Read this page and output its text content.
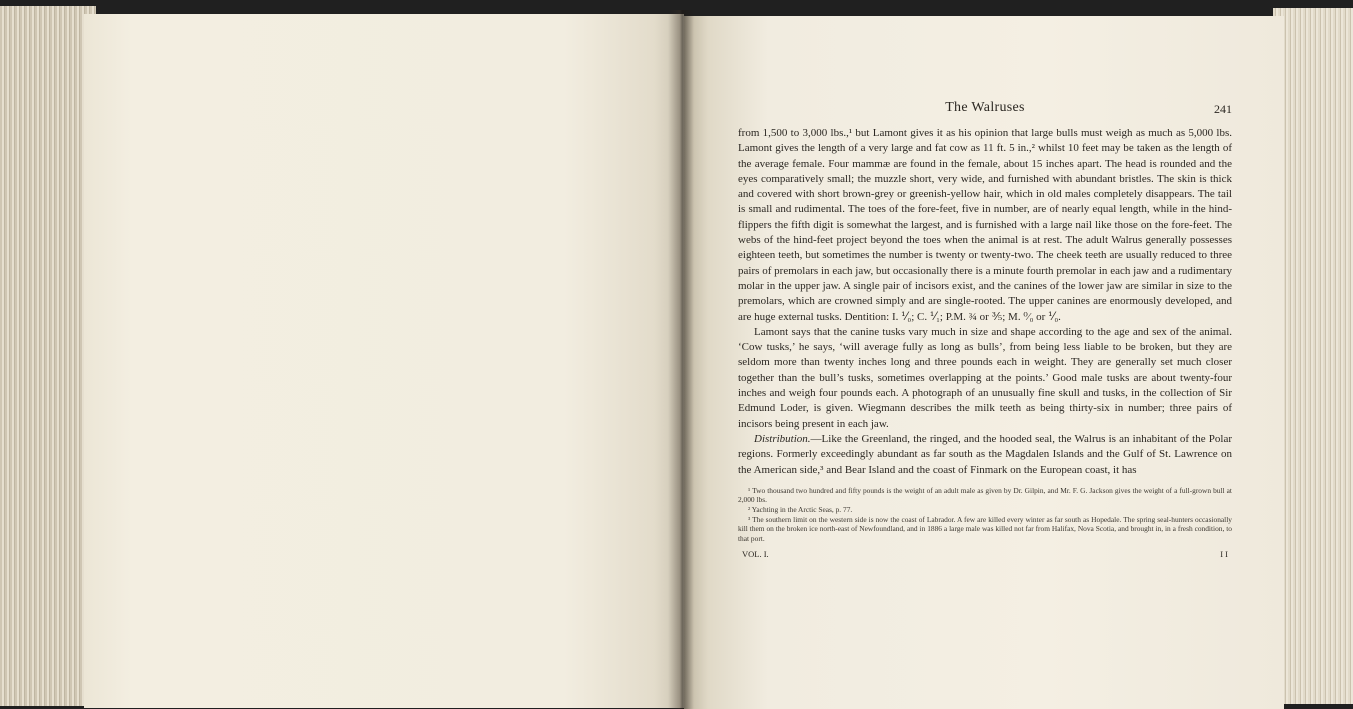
The Walruses	241

from 1,500 to 3,000 lbs.,¹ but Lamont gives it as his opinion that large bulls must weigh as much as 5,000 lbs. Lamont gives the length of a very large and fat cow as 11 ft. 5 in.,² whilst 10 feet may be taken as the length of the average female. Four mammæ are found in the female, about 15 inches apart. The head is rounded and the eyes comparatively small; the muzzle short, very wide, and furnished with abundant bristles. The skin is thick and covered with short brown-grey or greenish-yellow hair, which in old males completely disappears. The tail is small and rudimental. The toes of the fore-feet, five in number, are of nearly equal length, while in the hind-flippers the fifth digit is somewhat the largest, and is furnished with a large nail like those on the fore-feet. The webs of the hind-feet project beyond the toes when the animal is at rest. The adult Walrus generally possesses eighteen teeth, but sometimes the number is twenty or twenty-two. The cheek teeth are usually reduced to three pairs of premolars in each jaw, but occasionally there is a minute fourth premolar in each jaw and a rudimentary molar in the upper jaw. A single pair of incisors exist, and the canines of the lower jaw are similar in size to the premolars, which are crowned simply and are single-rooted. The upper canines are enormously developed, and are huge external tusks. Dentition: I. ⅟₀; C. ⅟₁; P.M. ¾ or ⅗; M. ⁰⁄₀ or ⅟₀.

Lamont says that the canine tusks vary much in size and shape according to the age and sex of the animal. ‘Cow tusks,’ he says, ‘will average fully as long as bulls’, from being less liable to be broken, but they are seldom more than twenty inches long and three pounds each in weight. They are generally set much closer together than the bull’s tusks, sometimes overlapping at the points.’ Good male tusks are about twenty-four inches and weigh four pounds each. A photograph of an unusually fine skull and tusks, in the collection of Sir Edmund Loder, is given. Wiegmann describes the milk teeth as being thirty-six in number; three pairs of incisors being present in each jaw.

Distribution.—Like the Greenland, the ringed, and the hooded seal, the Walrus is an inhabitant of the Polar regions. Formerly exceedingly abundant as far south as the Magdalen Islands and the Gulf of St. Lawrence on the American side,³ and Bear Island and the coast of Finmark on the European coast, it has

¹ Two thousand two hundred and fifty pounds is the weight of an adult male as given by Dr. Gilpin, and Mr. F. G. Jackson gives the weight of a full-grown bull at 2,000 lbs.

² Yachting in the Arctic Seas, p. 77.

³ The southern limit on the western side is now the coast of Labrador. A few are killed every winter as far south as Hopedale. The spring seal-hunters occasionally kill them on the broken ice north-east of Newfoundland, and in 1886 a large male was killed not far from Halifax, Nova Scotia, and brought in, in a fresh condition, to that port.

VOL. I.	I I
